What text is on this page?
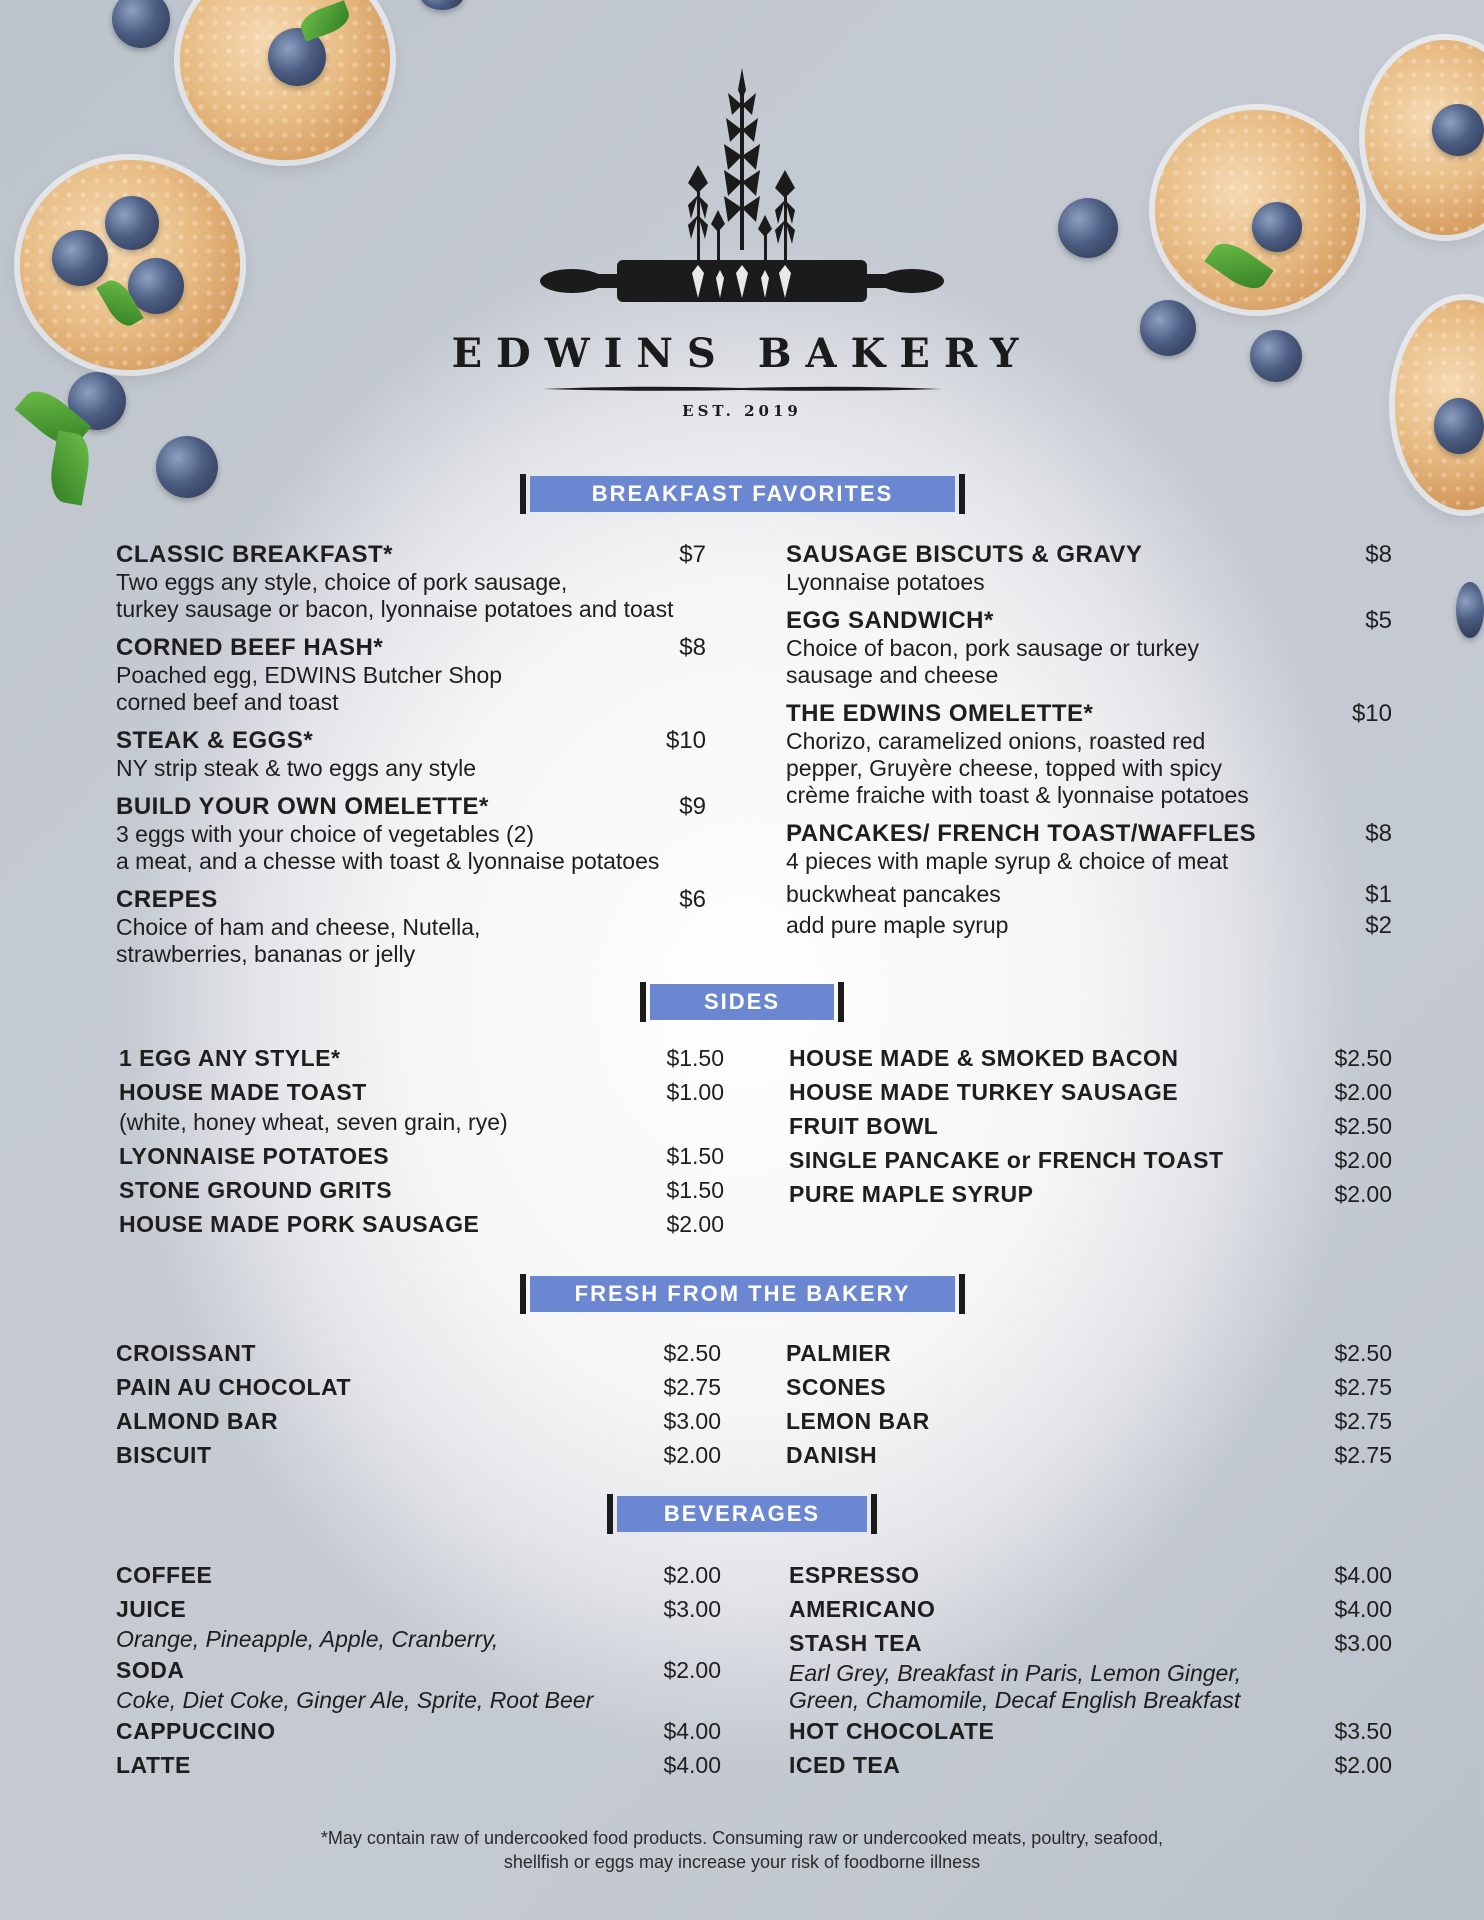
EDWINS BAKERY
EST. 2019
BREAKFAST FAVORITES
CLASSIC BREAKFAST*	$7
Two eggs any style, choice of pork sausage,
turkey sausage or bacon, lyonnaise potatoes and toast
CORNED BEEF HASH*	$8
Poached egg, EDWINS Butcher Shop
corned beef and toast
STEAK & EGGS*	$10
NY strip steak & two eggs any style
BUILD YOUR OWN OMELETTE*	$9
3 eggs with your choice of vegetables (2)
a meat, and a chesse with toast & lyonnaise potatoes
CREPES	$6
Choice of ham and cheese, Nutella,
strawberries, bananas or jelly
SAUSAGE BISCUTS & GRAVY	$8
Lyonnaise potatoes
EGG SANDWICH*	$5
Choice of bacon, pork sausage or turkey
sausage and cheese
THE EDWINS OMELETTE*	$10
Chorizo, caramelized onions, roasted red
pepper, Gruyère cheese, topped with spicy
crème fraiche with toast & lyonnaise potatoes
PANCAKES/ FRENCH TOAST/WAFFLES	$8
4 pieces with maple syrup & choice of meat
buckwheat pancakes	$1
add pure maple syrup	$2
SIDES
1 EGG ANY STYLE*	$1.50
HOUSE MADE TOAST	$1.00
(white, honey wheat, seven grain, rye)
LYONNAISE POTATOES	$1.50
STONE GROUND GRITS	$1.50
HOUSE MADE PORK SAUSAGE	$2.00
HOUSE MADE & SMOKED BACON	$2.50
HOUSE MADE TURKEY SAUSAGE	$2.00
FRUIT BOWL	$2.50
SINGLE PANCAKE or FRENCH TOAST	$2.00
PURE MAPLE SYRUP	$2.00
FRESH FROM THE BAKERY
CROISSANT	$2.50
PAIN AU CHOCOLAT	$2.75
ALMOND BAR	$3.00
BISCUIT	$2.00
PALMIER	$2.50
SCONES	$2.75
LEMON BAR	$2.75
DANISH	$2.75
BEVERAGES
COFFEE	$2.00
JUICE	$3.00
Orange, Pineapple, Apple, Cranberry,
SODA	$2.00
Coke, Diet Coke, Ginger Ale, Sprite, Root Beer
CAPPUCCINO	$4.00
LATTE	$4.00
ESPRESSO	$4.00
AMERICANO	$4.00
STASH TEA	$3.00
Earl Grey, Breakfast in Paris, Lemon Ginger,
Green, Chamomile, Decaf English Breakfast
HOT CHOCOLATE	$3.50
ICED TEA	$2.00
*May contain raw of undercooked food products. Consuming raw or undercooked meats, poultry, seafood,
shellfish or eggs may increase your risk of foodborne illness
